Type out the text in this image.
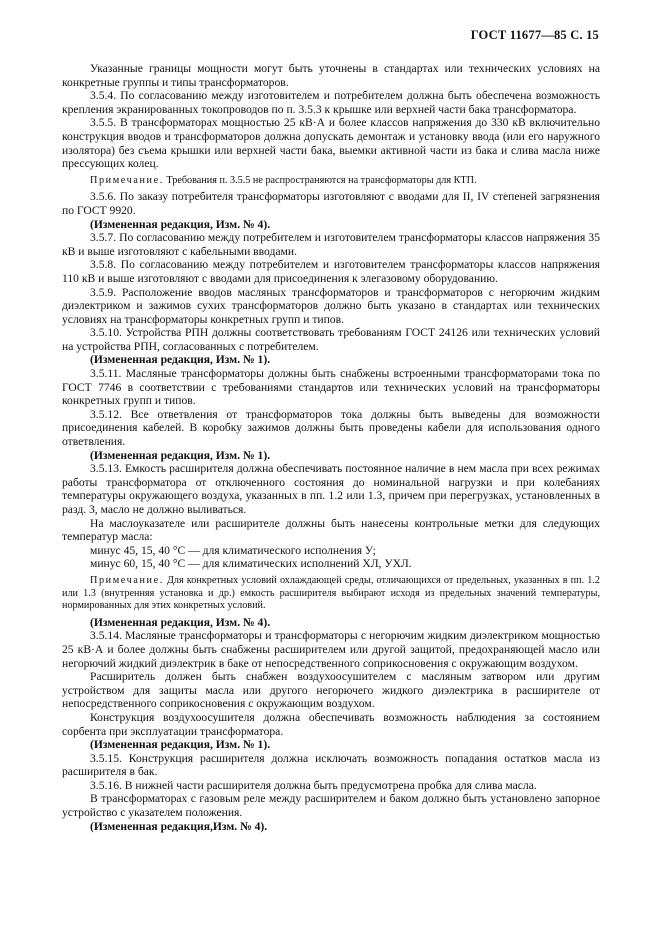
ГОСТ 11677—85 С. 15

Указанные границы мощности могут быть уточнены в стандартах или технических условиях на конкретные группы и типы трансформаторов.

3.5.4. По согласованию между изготовителем и потребителем должна быть обеспечена возможность крепления экранированных токопроводов по п. 3.5.3 к крышке или верхней части бака трансформатора.

3.5.5. В трансформаторах мощностью 25 кВ·А и более классов напряжения до 330 кВ включительно конструкция вводов и трансформаторов должна допускать демонтаж и установку ввода (или его наружного изолятора) без съема крышки или верхней части бака, выемки активной части из бака и слива масла ниже прессующих колец.

Примечание. Требования п. 3.5.5 не распространяются на трансформаторы для КТП.

3.5.6. По заказу потребителя трансформаторы изготовляют с вводами для II, IV степеней загрязнения по ГОСТ 9920.

(Измененная редакция, Изм. № 4).

3.5.7. По согласованию между потребителем и изготовителем трансформаторы классов напряжения 35 кВ и выше изготовляют с кабельными вводами.

3.5.8. По согласованию между потребителем и изготовителем трансформаторы классов напряжения 110 кВ и выше изготовляют с вводами для присоединения к элегазовому оборудованию.

3.5.9. Расположение вводов масляных трансформаторов и трансформаторов с негорючим жидким диэлектриком и зажимов сухих трансформаторов должно быть указано в стандартах или технических условиях на трансформаторы конкретных групп и типов.

3.5.10. Устройства РПН должны соответствовать требованиям ГОСТ 24126 или технических условий на устройства РПН, согласованных с потребителем.

(Измененная редакция, Изм. № 1).

3.5.11. Масляные трансформаторы должны быть снабжены встроенными трансформаторами тока по ГОСТ 7746 в соответствии с требованиями стандартов или технических условий на трансформаторы конкретных групп и типов.

3.5.12. Все ответвления от трансформаторов тока должны быть выведены для возможности присоединения кабелей. В коробку зажимов должны быть проведены кабели для использования одного ответвления.

(Измененная редакция, Изм. № 1).

3.5.13. Емкость расширителя должна обеспечивать постоянное наличие в нем масла при всех режимах работы трансформатора от отключенного состояния до номинальной нагрузки и при колебаниях температуры окружающего воздуха, указанных в пп. 1.2 или 1.3, причем при перегрузках, установленных в разд. 3, масло не должно выливаться.

На маслоуказателе или расширителе должны быть нанесены контрольные метки для следующих температур масла:

минус 45, 15, 40 °С — для климатического исполнения У;

минус 60, 15, 40 °С — для климатических исполнений ХЛ, УХЛ.

Примечание. Для конкретных условий охлаждающей среды, отличающихся от предельных, указанных в пп. 1.2 или 1.3 (внутренняя установка и др.) емкость расширителя выбирают исходя из предельных значений температуры, нормированных для этих конкретных условий.

(Измененная редакция, Изм. № 4).

3.5.14. Масляные трансформаторы и трансформаторы с негорючим жидким диэлектриком мощностью 25 кВ·А и более должны быть снабжены расширителем или другой защитой, предохраняющей масло или негорючий жидкий диэлектрик в баке от непосредственного соприкосновения с окружающим воздухом.

Расширитель должен быть снабжен воздухоосушителем с масляным затвором или другим устройством для защиты масла или другого негорючего жидкого диэлектрика в расширителе от непосредственного соприкосновения с окружающим воздухом.

Конструкция воздухоосушителя должна обеспечивать возможность наблюдения за состоянием сорбента при эксплуатации трансформатора.

(Измененная редакция, Изм. № 1).

3.5.15. Конструкция расширителя должна исключать возможность попадания остатков масла из расширителя в бак.

3.5.16. В нижней части расширителя должна быть предусмотрена пробка для слива масла.

В трансформаторах с газовым реле между расширителем и баком должно быть установлено запорное устройство с указателем положения.

(Измененная редакция,Изм. № 4).
